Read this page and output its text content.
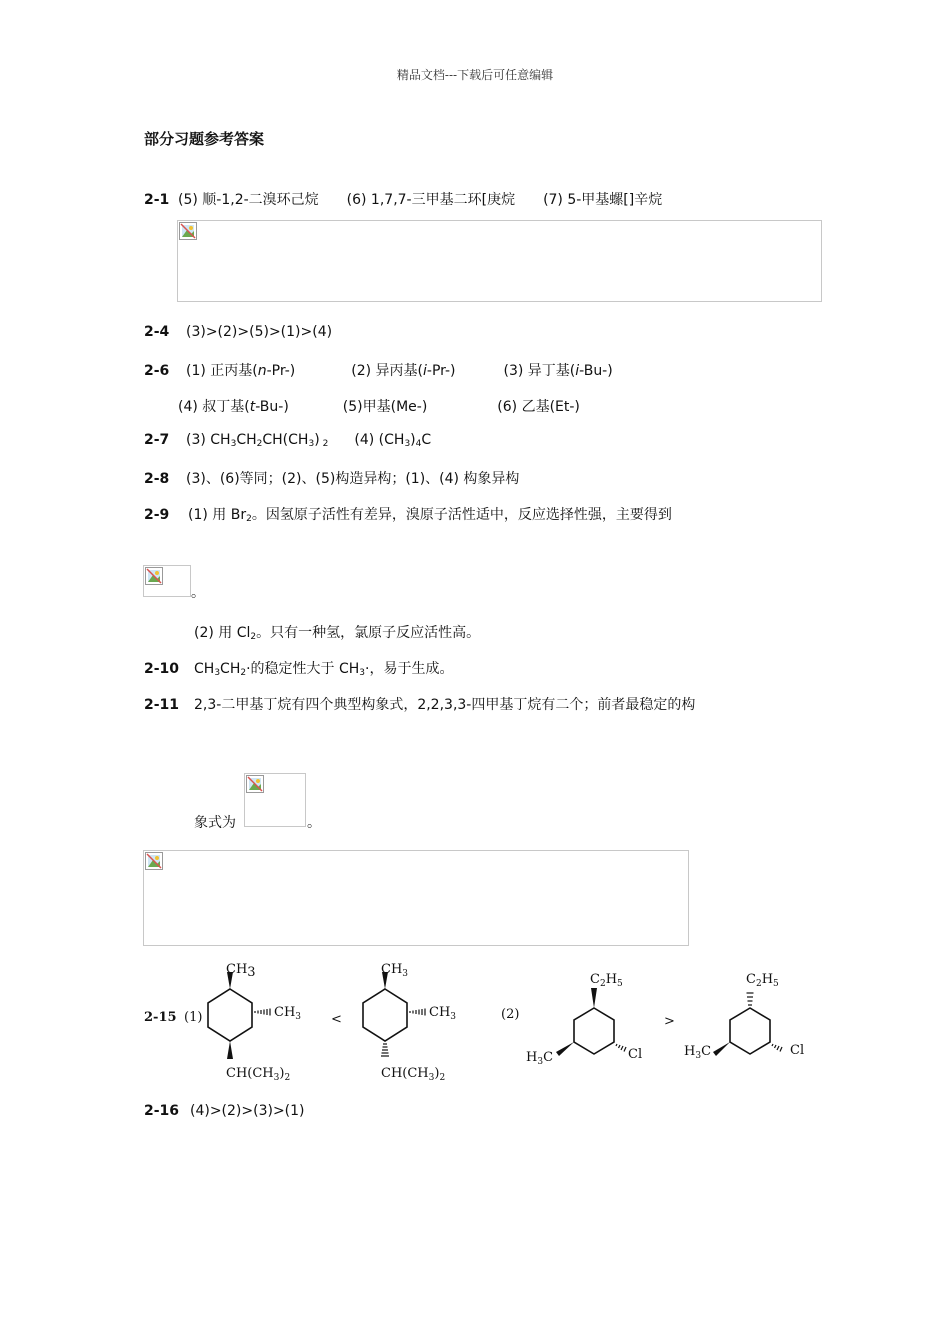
精品文档---下载后可任意编辑
部分习题参考答案
2-1 (5) 顺-1,2-二溴环己烷　　(6) 1,7,7-三甲基二环[庚烷　　(7) 5-甲基螺[]辛烷
2-4 (3)>(2)>(5)>(1)>(4)
2-6 (1) 正丙基(n-Pr-)	(2) 异丙基(i-Pr-)	(3) 异丁基(i-Bu-)
(4) 叔丁基(t-Bu-)	(5)甲基(Me-)	(6) 乙基(Et-)
2-7 (3) $CH_3CH_2CH(CH_3)$ $_2$ (4) $(CH_3)_4C$
2-8 (3)、(6)等同；(2)、(5)构造异构；(1)、(4) 构象异构
2-9 (1) 用 $Br_2$。因氢原子活性有差异，溴原子活性适中，反应选择性强，主要得到
。
(2) 用 $Cl_2$。只有一种氢，氯原子反应活性高。
2-10 $CH_3CH_2\cdot$的稳定性大于 $CH_3\cdot$，易于生成。
2-11 2,3-二甲基丁烷有四个典型构象式，2,2,3,3-四甲基丁烷有二个；前者最稳定的构
象式为	。
2-15 (1)	<	(2)	>
CH3
$CH_3$
$CH(CH_3)_2$
$CH_3$
$CH_3$
$CH(CH_3)_2$
$C_2H_5$
$H_3C$	Cl
$C_2H_5$
$H_3C$	Cl
2-16 (4)>(2)>(3)>(1)
